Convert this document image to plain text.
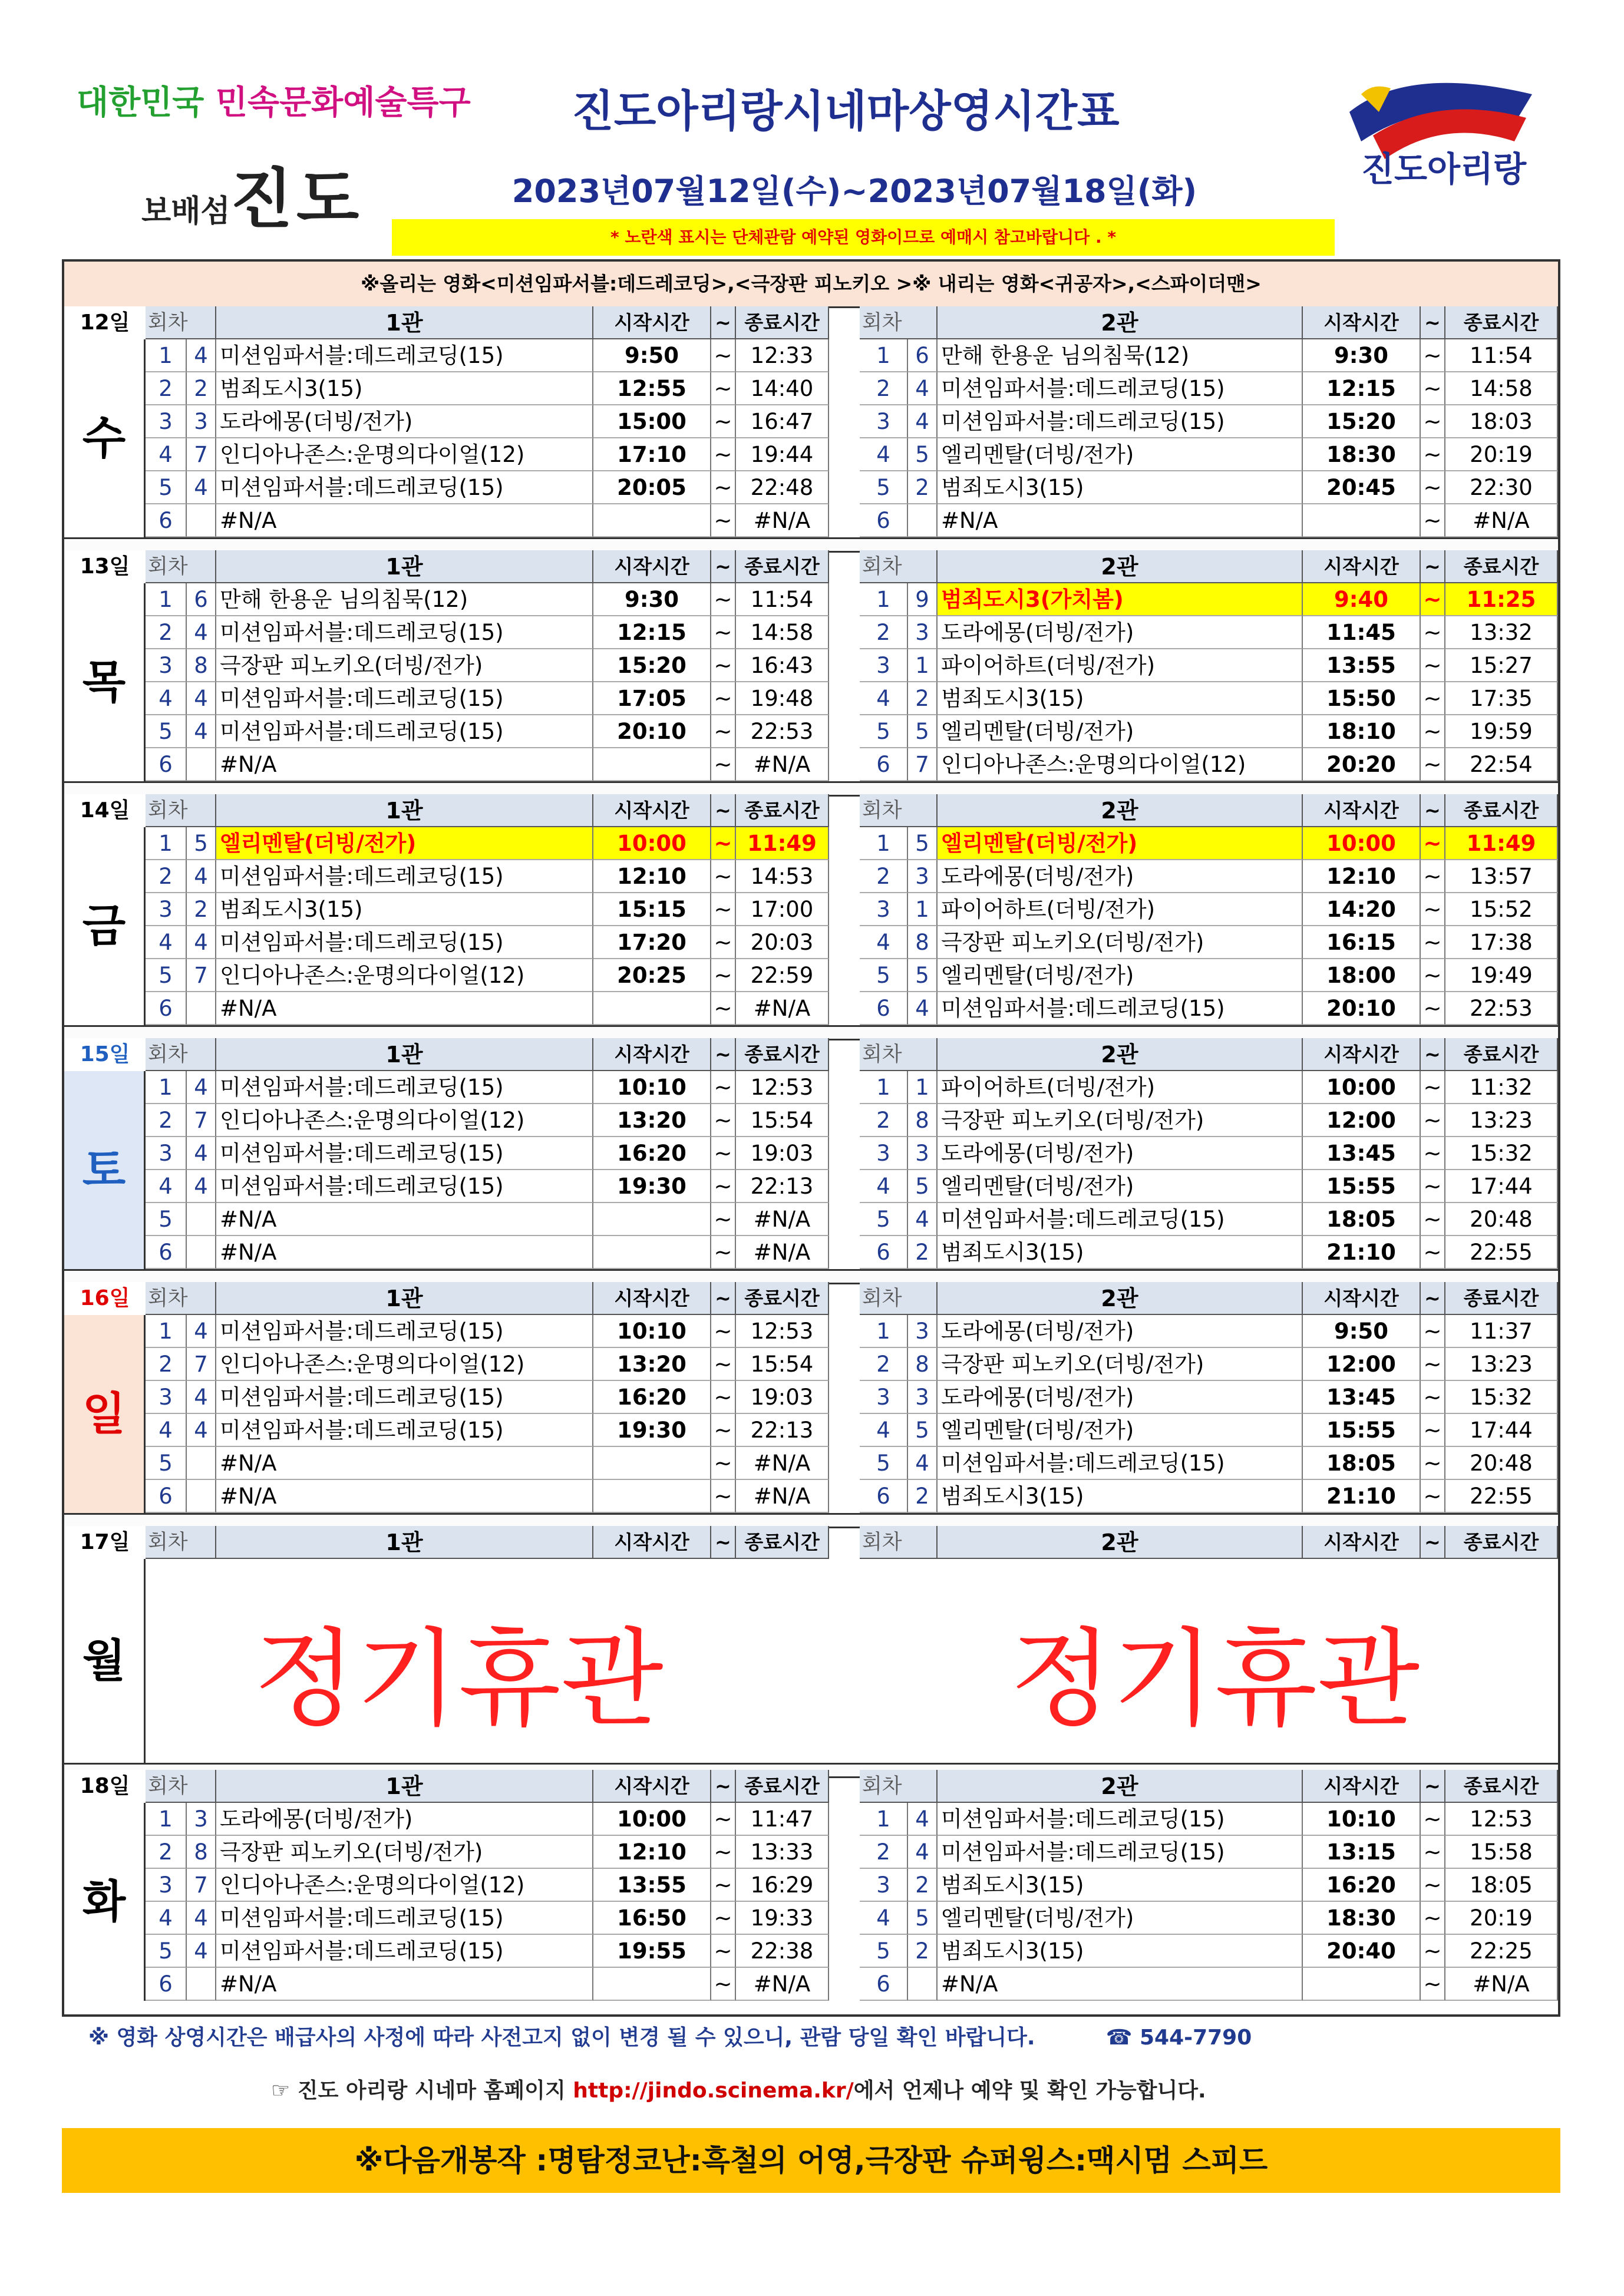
대한민국 민속문화예술특구
보배섬진도
진도아리랑시네마상영시간표
2023년07월12일(수)~2023년07월18일(화)
* 노란색 표시는 단체관람 예약된 영화이므로 예매시 참고바랍니다 . *
진도아리랑
※올리는 영화<미션임파서블:데드레코딩>,<극장판 피노키오 >※ 내리는 영화<귀공자>,<스파이더맨>
12일 회차	1관	시작시간	~ 종료시간	회차	2관	시작시간	~	종료시간
수
1 4 미션임파서블:데드레코딩(15)	9:50	~ 12:33
2 2 범죄도시3(15)	12:55	~ 14:40
3 3 도라에몽(더빙/전가)	15:00	~ 16:47
4 7 인디아나존스:운명의다이얼(12)	17:10	~ 19:44
5 4 미션임파서블:데드레코딩(15)	20:05	~ 22:48
6	#N/A	~ #N/A
1	6 만해 한용운 님의침묵(12)	9:30	~	11:54
2	4 미션임파서블:데드레코딩(15)	12:15	~	14:58
3	4 미션임파서블:데드레코딩(15)	15:20	~	18:03
4	5 엘리멘탈(더빙/전가)	18:30	~	20:19
5	2 범죄도시3(15)	20:45	~	22:30
6	#N/A	~	#N/A
13일 회차	1관	시작시간	~ 종료시간	회차	2관	시작시간	~	종료시간
목
1 6 만해 한용운 님의침묵(12)	9:30	~ 11:54
2 4 미션임파서블:데드레코딩(15)	12:15	~ 14:58
3 8 극장판 피노키오(더빙/전가)	15:20	~ 16:43
4 4 미션임파서블:데드레코딩(15)	17:05	~ 19:48
5 4 미션임파서블:데드레코딩(15)	20:10	~ 22:53
6	#N/A	~ #N/A
1	9 범죄도시3(가치봄)	9:40	~	11:25
2	3 도라에몽(더빙/전가)	11:45	~	13:32
3	1 파이어하트(더빙/전가)	13:55	~	15:27
4	2 범죄도시3(15)	15:50	~	17:35
5	5 엘리멘탈(더빙/전가)	18:10	~	19:59
6	7 인디아나존스:운명의다이얼(12)	20:20	~	22:54
14일 회차	1관	시작시간	~ 종료시간	회차	2관	시작시간	~	종료시간
금
1 5 엘리멘탈(더빙/전가)	10:00	~ 11:49
2 4 미션임파서블:데드레코딩(15)	12:10	~ 14:53
3 2 범죄도시3(15)	15:15	~ 17:00
4 4 미션임파서블:데드레코딩(15)	17:20	~ 20:03
5 7 인디아나존스:운명의다이얼(12)	20:25	~ 22:59
6	#N/A	~ #N/A
1	5 엘리멘탈(더빙/전가)	10:00	~	11:49
2	3 도라에몽(더빙/전가)	12:10	~	13:57
3	1 파이어하트(더빙/전가)	14:20	~	15:52
4	8 극장판 피노키오(더빙/전가)	16:15	~	17:38
5	5 엘리멘탈(더빙/전가)	18:00	~	19:49
6	4 미션임파서블:데드레코딩(15)	20:10	~	22:53
15일 회차	1관	시작시간	~ 종료시간	회차	2관	시작시간	~	종료시간
토
1 4 미션임파서블:데드레코딩(15)	10:10	~ 12:53
2 7 인디아나존스:운명의다이얼(12)	13:20	~ 15:54
3 4 미션임파서블:데드레코딩(15)	16:20	~ 19:03
4 4 미션임파서블:데드레코딩(15)	19:30	~ 22:13
5	#N/A	~ #N/A
6	#N/A	~ #N/A
1	1 파이어하트(더빙/전가)	10:00	~	11:32
2	8 극장판 피노키오(더빙/전가)	12:00	~	13:23
3	3 도라에몽(더빙/전가)	13:45	~	15:32
4	5 엘리멘탈(더빙/전가)	15:55	~	17:44
5	4 미션임파서블:데드레코딩(15)	18:05	~	20:48
6	2 범죄도시3(15)	21:10	~	22:55
16일 회차	1관	시작시간	~ 종료시간	회차	2관	시작시간	~	종료시간
일
1 4 미션임파서블:데드레코딩(15)	10:10	~ 12:53
2 7 인디아나존스:운명의다이얼(12)	13:20	~ 15:54
3 4 미션임파서블:데드레코딩(15)	16:20	~ 19:03
4 4 미션임파서블:데드레코딩(15)	19:30	~ 22:13
5	#N/A	~ #N/A
6	#N/A	~ #N/A
1	3 도라에몽(더빙/전가)	9:50	~	11:37
2	8 극장판 피노키오(더빙/전가)	12:00	~	13:23
3	3 도라에몽(더빙/전가)	13:45	~	15:32
4	5 엘리멘탈(더빙/전가)	15:55	~	17:44
5	4 미션임파서블:데드레코딩(15)	18:05	~	20:48
6	2 범죄도시3(15)	21:10	~	22:55
17일 회차	1관	시작시간	~ 종료시간	회차	2관	시작시간	~	종료시간
월	정기휴관	정기휴관
18일 회차	1관	시작시간	~ 종료시간	회차	2관	시작시간	~	종료시간
화
1 3 도라에몽(더빙/전가)	10:00	~ 11:47
2 8 극장판 피노키오(더빙/전가)	12:10	~ 13:33
3 7 인디아나존스:운명의다이얼(12)	13:55	~ 16:29
4 4 미션임파서블:데드레코딩(15)	16:50	~ 19:33
5 4 미션임파서블:데드레코딩(15)	19:55	~ 22:38
6	#N/A	~ #N/A
1	4 미션임파서블:데드레코딩(15)	10:10	~	12:53
2	4 미션임파서블:데드레코딩(15)	13:15	~	15:58
3	2 범죄도시3(15)	16:20	~	18:05
4	5 엘리멘탈(더빙/전가)	18:30	~	20:19
5	2 범죄도시3(15)	20:40	~	22:25
6	#N/A	~	#N/A
※ 영화 상영시간은 배급사의 사정에 따라 사전고지 없이 변경 될 수 있으니, 관람 당일 확인 바랍니다.	☎ 544-7790
☞ 진도 아리랑 시네마 홈페이지 http://jindo.scinema.kr/에서 언제나 예약 및 확인 가능합니다.
※다음개봉작 :명탐정코난:흑철의 어영,극장판 슈퍼윙스:맥시멈 스피드
